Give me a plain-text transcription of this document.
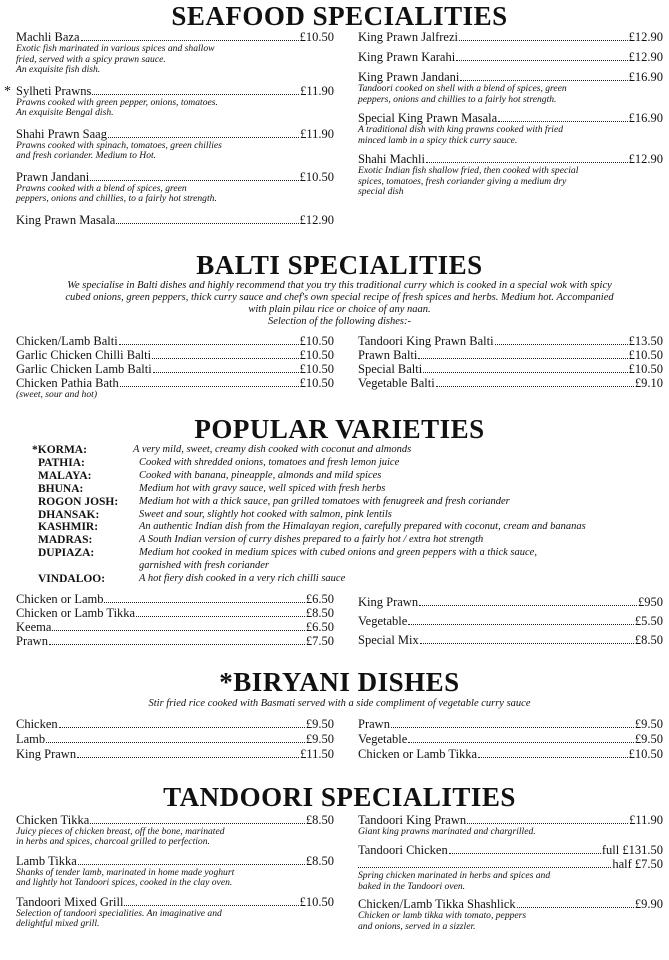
SEAFOOD SPECIALITIES
Machli Baza	£10.50
Exotic fish marinated in various spices and shallow
fried, served with a spicy prawn sauce.
An exquisite fish dish.
* Sylheti Prawns	£11.90
Prawns cooked with green pepper, onions, tomatoes.
An exquisite Bengal dish.
Shahi Prawn Saag	£11.90
Prawns cooked with spinach, tomatoes, green chillies
and fresh coriander. Medium to Hot.
Prawn Jandani	£10.50
Prawns cooked with a blend of spices, green
peppers, onions and chillies, to a fairly hot strength.
King Prawn Masala	£12.90
King Prawn Jalfrezi	£12.90
King Prawn Karahi	£12.90
King Prawn Jandani	£16.90
Tandoori cooked on shell with a blend of spices, green
peppers, onions and chillies to a fairly hot strength.
Special King Prawn Masala	£16.90
A traditional dish with king prawns cooked with fried
minced lamb in a spicy thick curry sauce.
Shahi Machli	£12.90
Exotic Indian fish shallow fried, then cooked with special
spices, tomatoes, fresh coriander giving a medium dry
special dish
BALTI SPECIALITIES
We specialise in Balti dishes and highly recommend that you try this traditional curry which is cooked in a special wok with spicy
cubed onions, green peppers, thick curry sauce and chef's own special recipe of fresh spices and herbs. Medium hot. Accompanied
with plain pilau rice or choice of any naan.
Selection of the following dishes:-
Chicken/Lamb Balti	£10.50
Garlic Chicken Chilli Balti	£10.50
Garlic Chicken Lamb Balti	£10.50
Chicken Pathia Bath	£10.50
(sweet, sour and hot)
Tandoori King Prawn Balti	£13.50
Prawn Balti	£10.50
Special Balti	£10.50
Vegetable Balti	£9.10
POPULAR VARIETIES
*KORMA:	A very mild, sweet, creamy dish cooked with coconut and almonds
PATHIA:	Cooked with shredded onions, tomatoes and fresh lemon juice
MALAYA:	Cooked with banana, pineapple, almonds and mild spices
BHUNA:	Medium hot with gravy sauce, well spiced with fresh herbs
ROGON JOSH:	Medium hot with a thick sauce, pan grilled tomatoes with fenugreek and fresh coriander
DHANSAK:	Sweet and sour, slightly hot cooked with salmon, pink lentils
KASHMIR:	An authentic Indian dish from the Himalayan region, carefully prepared with coconut, cream and bananas
MADRAS:	A South Indian version of curry dishes prepared to a fairly hot / extra hot strength
DUPIAZA:	Medium hot cooked in medium spices with cubed onions and green peppers with a thick sauce,
garnished with fresh coriander
VINDALOO:	A hot fiery dish cooked in a very rich chilli sauce
Chicken or Lamb	£6.50
Chicken or Lamb Tikka	£8.50
Keema	£6.50
Prawn	£7.50
King Prawn	£950
Vegetable	£5.50
Special Mix	£8.50
*BIRYANI DISHES
Stir fried rice cooked with Basmati served with a side compliment of vegetable curry sauce
Chicken	£9.50
Lamb	£9.50
King Prawn	£11.50
Prawn	£9.50
Vegetable	£9.50
Chicken or Lamb Tikka	£10.50
TANDOORI SPECIALITIES
Chicken Tikka	£8.50
Juicy pieces of chicken breast, off the bone, marinated
in herbs and spices, charcoal grilled to perfection.
Lamb Tikka	£8.50
Shanks of tender lamb, marinated in home made yoghurt
and lightly hot Tandoori spices, cooked in the clay oven.
Tandoori Mixed Grill	£10.50
Selection of tandoori specialities. An imaginative and
delightful mixed grill.
Tandoori King Prawn	£11.90
Giant king prawns marinated and chargrilled.
Tandoori Chicken	full £131.50
half £7.50
Spring chicken marinated in herbs and spices and
baked in the Tandoori oven.
Chicken/Lamb Tikka Shashlick	£9.90
Chicken or lamb tikka with tomato, peppers
and onions, served in a sizzler.
